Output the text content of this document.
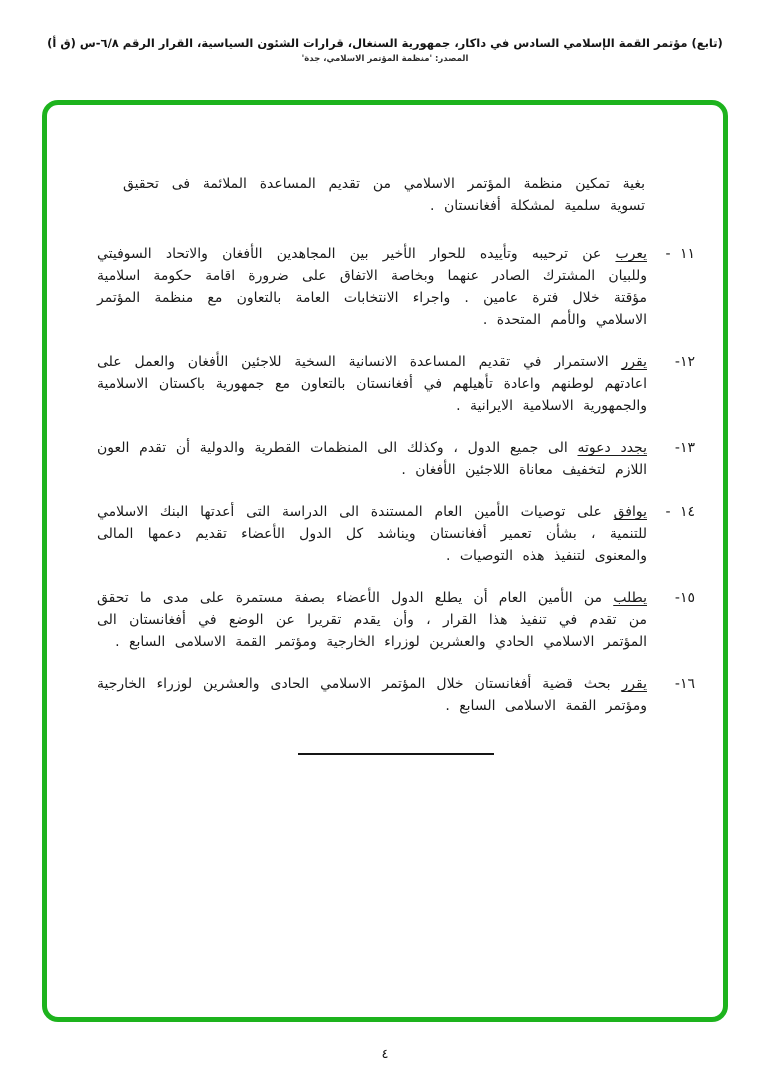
(تابع) مؤتمر القمة الإسلامي السادس في داكار، جمهورية السنغال، قرارات الشئون السياسية، القرار الرقم ٦/٨-س (ق أ)
المصدر: 'منظمة المؤتمر الاسلامي، جدة'

بغية تمكين منظمة المؤتمر الاسلامي من تقديم المساعدة الملائمة فى تحقيق تسوية سلمية لمشكلة أفغانستان .

١١ -

يعرب عن ترحيبه وتأييده للحوار الأخير بين المجاهدين الأفغان والاتحاد السوفيتي وللبيان المشترك الصادر عنهما وبخاصة الاتفاق على ضرورة اقامة حكومة اسلامية مؤقتة خلال فترة عامين . واجراء الانتخابات العامة بالتعاون مع منظمة المؤتمر الاسلامي والأمم المتحدة .

١٢-

يقرر الاستمرار في تقديم المساعدة الانسانية السخية للاجئين الأفغان والعمل على اعادتهم لوطنهم واعادة تأهيلهم في أفغانستان بالتعاون مع جمهورية باكستان الاسلامية والجمهورية الاسلامية الايرانية .

١٣-

يجدد دعوته الى جميع الدول ، وكذلك الى المنظمات القطرية والدولية أن تقدم العون اللازم لتخفيف معاناة اللاجئين الأفغان .

١٤ -

يوافق على توصيات الأمين العام المستندة الى الدراسة التى أعدتها البنك الاسلامي للتنمية ، بشأن تعمير أفغانستان ويناشد كل الدول الأعضاء تقديم دعمها المالى والمعنوى لتنفيذ هذه التوصيات .

١٥-

يطلب من الأمين العام أن يطلع الدول الأعضاء بصفة مستمرة على مدى ما تحقق من تقدم في تنفيذ هذا القرار ، وأن يقدم تقريرا عن الوضع في أفغانستان الى المؤتمر الاسلامي الحادي والعشرين لوزراء الخارجية ومؤتمر القمة الاسلامى السابع .

١٦-

يقرر بحث قضية أفغانستان خلال المؤتمر الاسلامي الحادى والعشرين لوزراء الخارجية ومؤتمر القمة الاسلامى السابع .

٤
